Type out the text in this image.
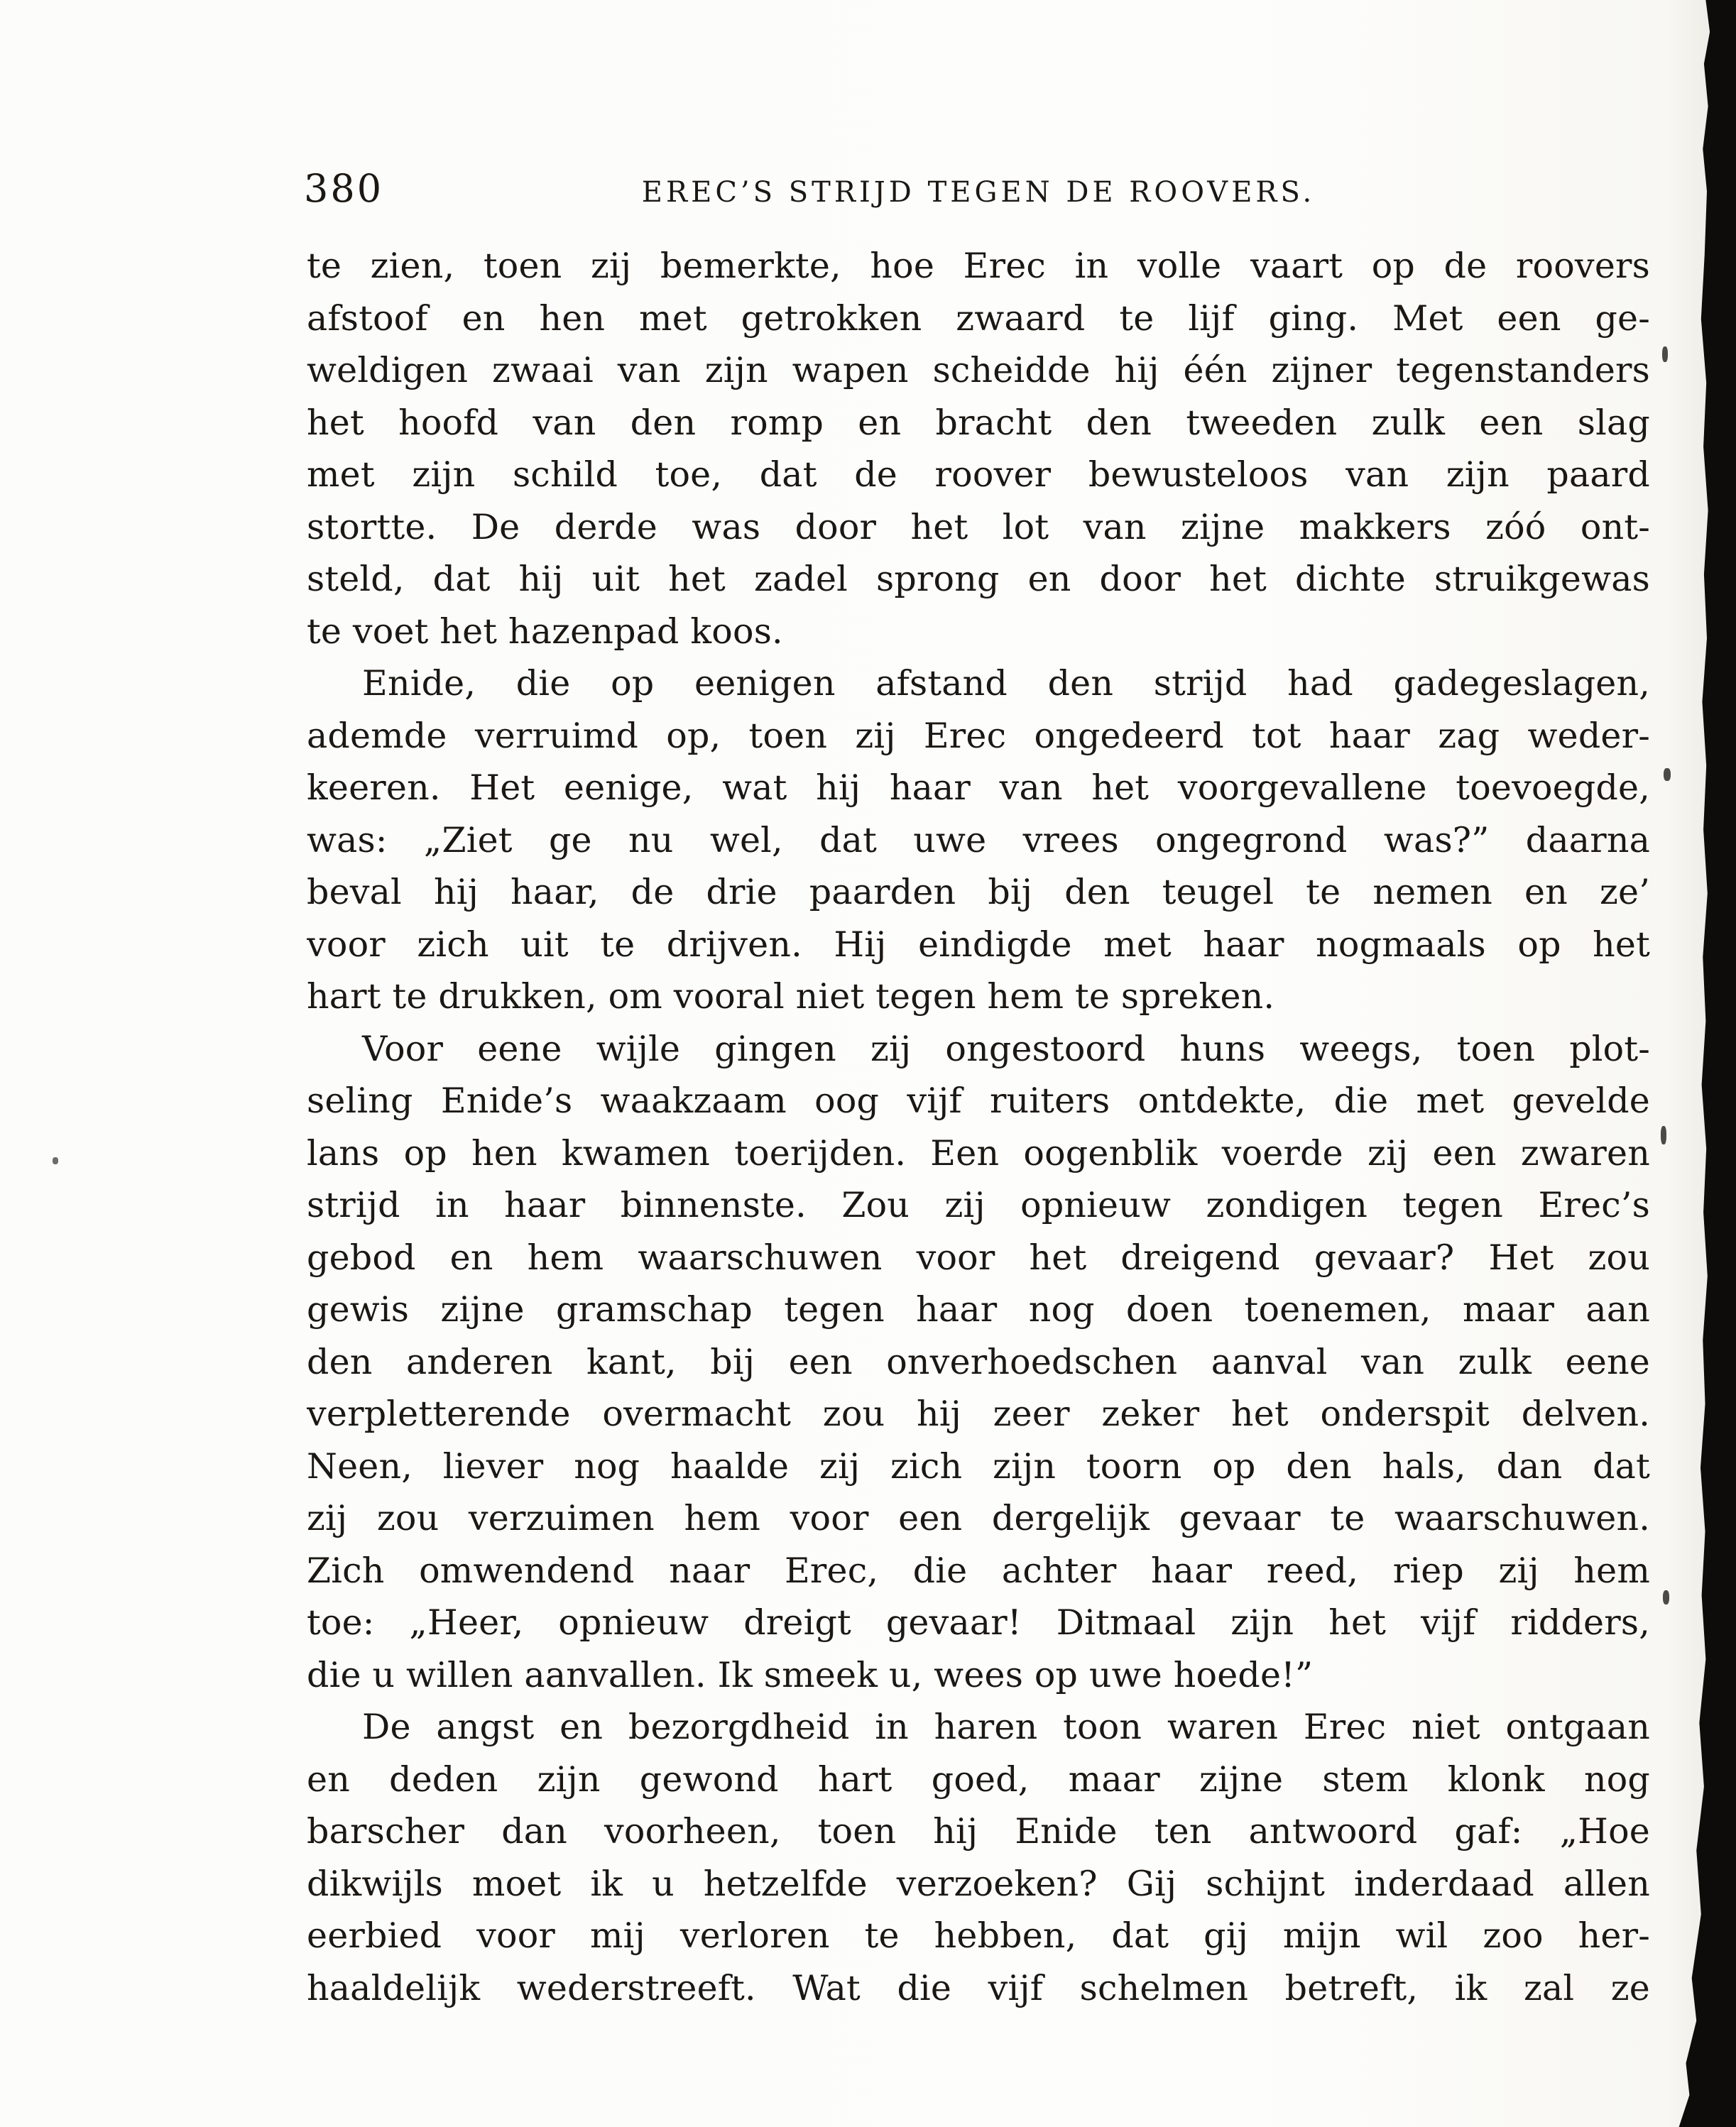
380	EREC’S STRIJD TEGEN DE ROOVERS.
te zien, toen zij bemerkte, hoe Erec in volle vaart op de roovers
afstoof en hen met getrokken zwaard te lijf ging. Met een ge-
weldigen zwaai van zijn wapen scheidde hij één zijner tegenstanders
het hoofd van den romp en bracht den tweeden zulk een slag
met zijn schild toe, dat de roover bewusteloos van zijn paard
stortte. De derde was door het lot van zijne makkers zóó ont-
steld, dat hij uit het zadel sprong en door het dichte struikgewas
te voet het hazenpad koos.
Enide, die op eenigen afstand den strijd had gadegeslagen,
ademde verruimd op, toen zij Erec ongedeerd tot haar zag weder-
keeren. Het eenige, wat hij haar van het voorgevallene toevoegde,
was: „Ziet ge nu wel, dat uwe vrees ongegrond was?” daarna
beval hij haar, de drie paarden bij den teugel te nemen en ze’
voor zich uit te drijven. Hij eindigde met haar nogmaals op het
hart te drukken, om vooral niet tegen hem te spreken.
Voor eene wijle gingen zij ongestoord huns weegs, toen plot-
seling Enide’s waakzaam oog vijf ruiters ontdekte, die met gevelde
lans op hen kwamen toerijden. Een oogenblik voerde zij een zwaren
strijd in haar binnenste. Zou zij opnieuw zondigen tegen Erec’s
gebod en hem waarschuwen voor het dreigend gevaar? Het zou
gewis zijne gramschap tegen haar nog doen toenemen, maar aan
den anderen kant, bij een onverhoedschen aanval van zulk eene
verpletterende overmacht zou hij zeer zeker het onderspit delven.
Neen, liever nog haalde zij zich zijn toorn op den hals, dan dat
zij zou verzuimen hem voor een dergelijk gevaar te waarschuwen.
Zich omwendend naar Erec, die achter haar reed, riep zij hem
toe: „Heer, opnieuw dreigt gevaar! Ditmaal zijn het vijf ridders,
die u willen aanvallen. Ik smeek u, wees op uwe hoede!”
De angst en bezorgdheid in haren toon waren Erec niet ontgaan
en deden zijn gewond hart goed, maar zijne stem klonk nog
barscher dan voorheen, toen hij Enide ten antwoord gaf: „Hoe
dikwijls moet ik u hetzelfde verzoeken? Gij schijnt inderdaad allen
eerbied voor mij verloren te hebben, dat gij mijn wil zoo her-
haaldelijk wederstreeft. Wat die vijf schelmen betreft, ik zal ze
